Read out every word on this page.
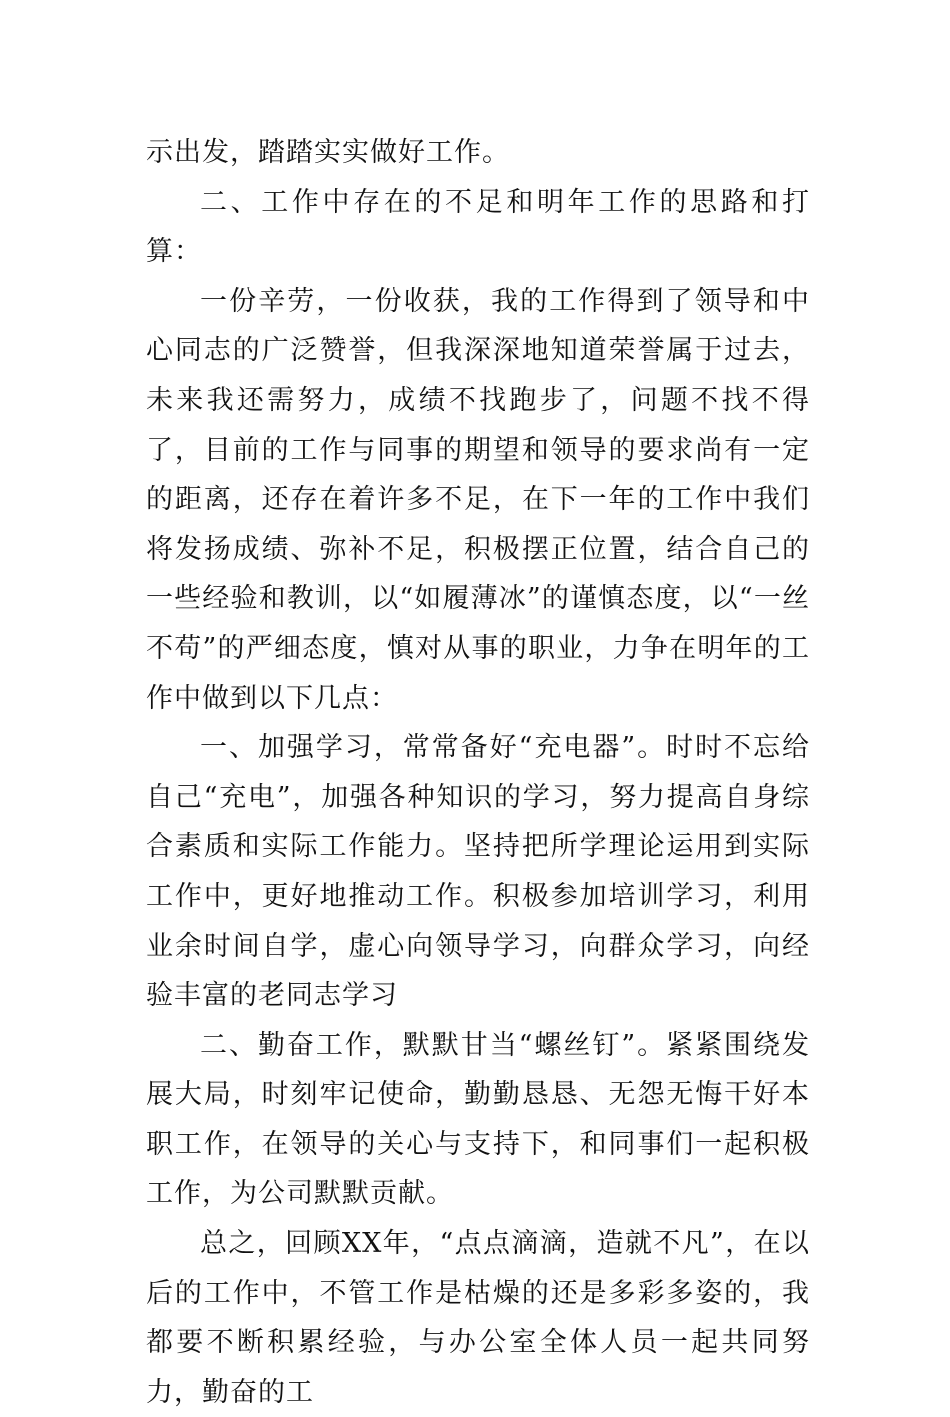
示出发，踏踏实实做好工作。

二、工作中存在的不足和明年工作的思路和打算：

一份辛劳，一份收获，我的工作得到了领导和中心同志的广泛赞誉，但我深深地知道荣誉属于过去，未来我还需努力，成绩不找跑步了，问题不找不得了，目前的工作与同事的期望和领导的要求尚有一定的距离，还存在着许多不足，在下一年的工作中我们将发扬成绩、弥补不足，积极摆正位置，结合自己的一些经验和教训，以“如履薄冰”的谨慎态度，以“一丝不苟”的严细态度，慎对从事的职业，力争在明年的工作中做到以下几点：

一、加强学习，常常备好“充电器”。时时不忘给自己“充电”，加强各种知识的学习，努力提高自身综合素质和实际工作能力。坚持把所学理论运用到实际工作中，更好地推动工作。积极参加培训学习，利用业余时间自学，虚心向领导学习，向群众学习，向经验丰富的老同志学习

二、勤奋工作，默默甘当“螺丝钉”。紧紧围绕发展大局，时刻牢记使命，勤勤恳恳、无怨无悔干好本职工作，在领导的关心与支持下，和同事们一起积极工作，为公司默默贡献。

总之，回顾XX年，“点点滴滴，造就不凡”，在以后的工作中，不管工作是枯燥的还是多彩多姿的，我都要不断积累经验，与办公室全体人员一起共同努力，勤奋的工
